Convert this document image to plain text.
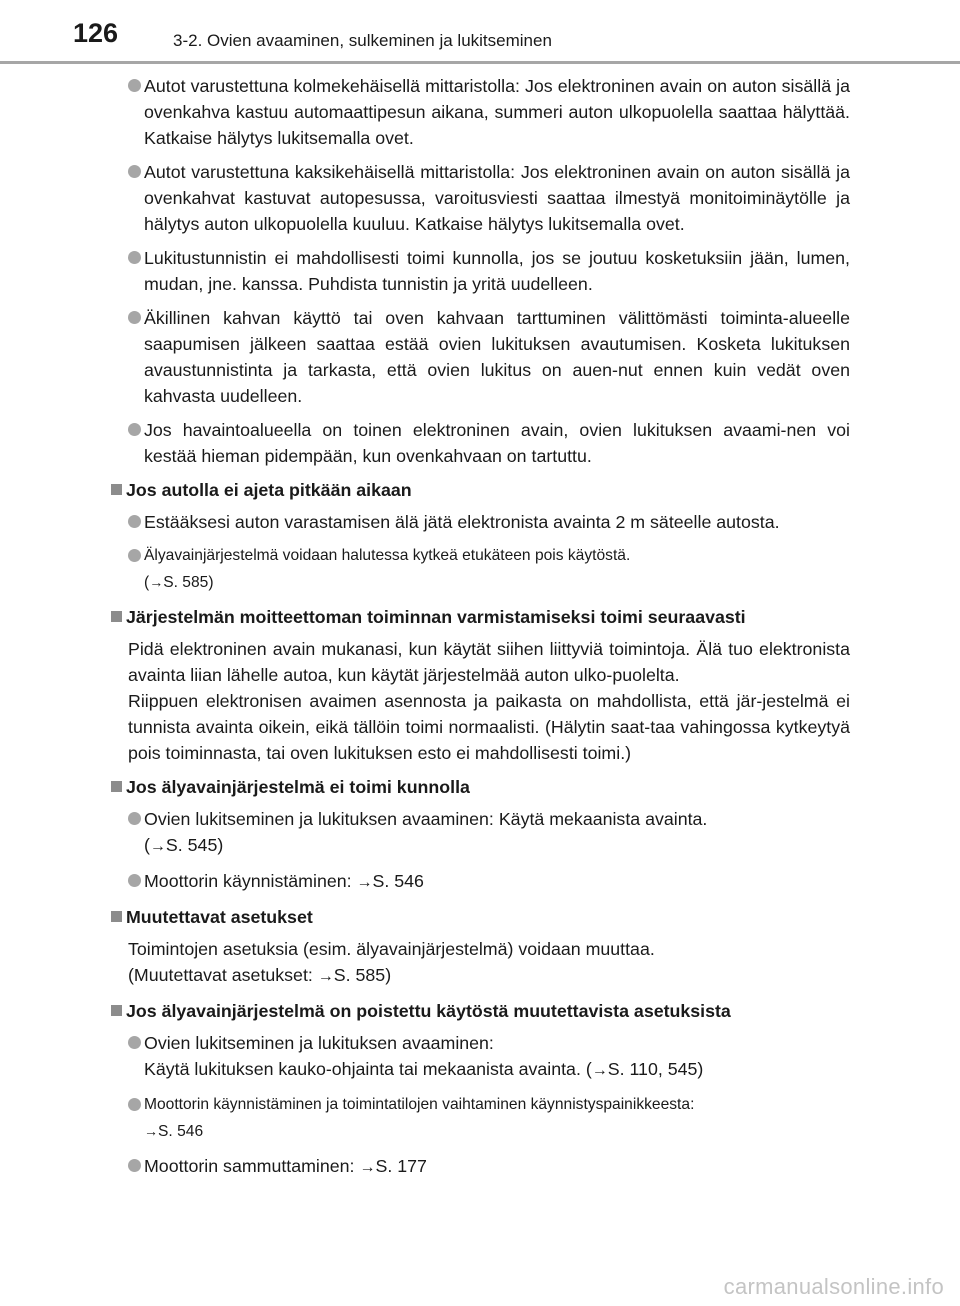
126	3-2. Ovien avaaminen, sulkeminen ja lukitseminen
Autot varustettuna kolmekehäisellä mittaristolla: Jos elektroninen avain on auton sisällä ja ovenkahva kastuu automaattipesun aikana, summeri auton ulkopuolella saattaa hälyttää. Katkaise hälytys lukitsemalla ovet.
Autot varustettuna kaksikehäisellä mittaristolla: Jos elektroninen avain on auton sisällä ja ovenkahvat kastuvat autopesussa, varoitusviesti saattaa ilmestyä monitoiminäytölle ja hälytys auton ulkopuolella kuuluu. Katkaise hälytys lukitsemalla ovet.
Lukitustunnistin ei mahdollisesti toimi kunnolla, jos se joutuu kosketuksiin jään, lumen, mudan, jne. kanssa. Puhdista tunnistin ja yritä uudelleen.
Äkillinen kahvan käyttö tai oven kahvaan tarttuminen välittömästi toiminta-alueelle saapumisen jälkeen saattaa estää ovien lukituksen avautumisen. Kosketa lukituksen avaustunnistinta ja tarkasta, että ovien lukitus on auen-nut ennen kuin vedät oven kahvasta uudelleen.
Jos havaintoalueella on toinen elektroninen avain, ovien lukituksen avaami-nen voi kestää hieman pidempään, kun ovenkahvaan on tartuttu.
Jos autolla ei ajeta pitkään aikaan
Estääksesi auton varastamisen älä jätä elektronista avainta 2 m säteelle autosta.
Älyavainjärjestelmä voidaan halutessa kytkeä etukäteen pois käytöstä.
(→S. 585)
Järjestelmän moitteettoman toiminnan varmistamiseksi toimi seuraavasti
Pidä elektroninen avain mukanasi, kun käytät siihen liittyviä toimintoja. Älä tuo elektronista avainta liian lähelle autoa, kun käytät järjestelmää auton ulko-puolelta.
Riippuen elektronisen avaimen asennosta ja paikasta on mahdollista, että jär-jestelmä ei tunnista avainta oikein, eikä tällöin toimi normaalisti. (Hälytin saat-taa vahingossa kytkeytyä pois toiminnasta, tai oven lukituksen esto ei mahdollisesti toimi.)
Jos älyavainjärjestelmä ei toimi kunnolla
Ovien lukitseminen ja lukituksen avaaminen: Käytä mekaanista avainta.
(→S. 545)
Moottorin käynnistäminen: →S. 546
Muutettavat asetukset
Toimintojen asetuksia (esim. älyavainjärjestelmä) voidaan muuttaa.
(Muutettavat asetukset: →S. 585)
Jos älyavainjärjestelmä on poistettu käytöstä muutettavista asetuksista
Ovien lukitseminen ja lukituksen avaaminen:
Käytä lukituksen kauko-ohjainta tai mekaanista avainta. (→S. 110, 545)
Moottorin käynnistäminen ja toimintatilojen vaihtaminen käynnistyspainikkeesta:
→S. 546
Moottorin sammuttaminen: →S. 177
carmanualsonline.info
